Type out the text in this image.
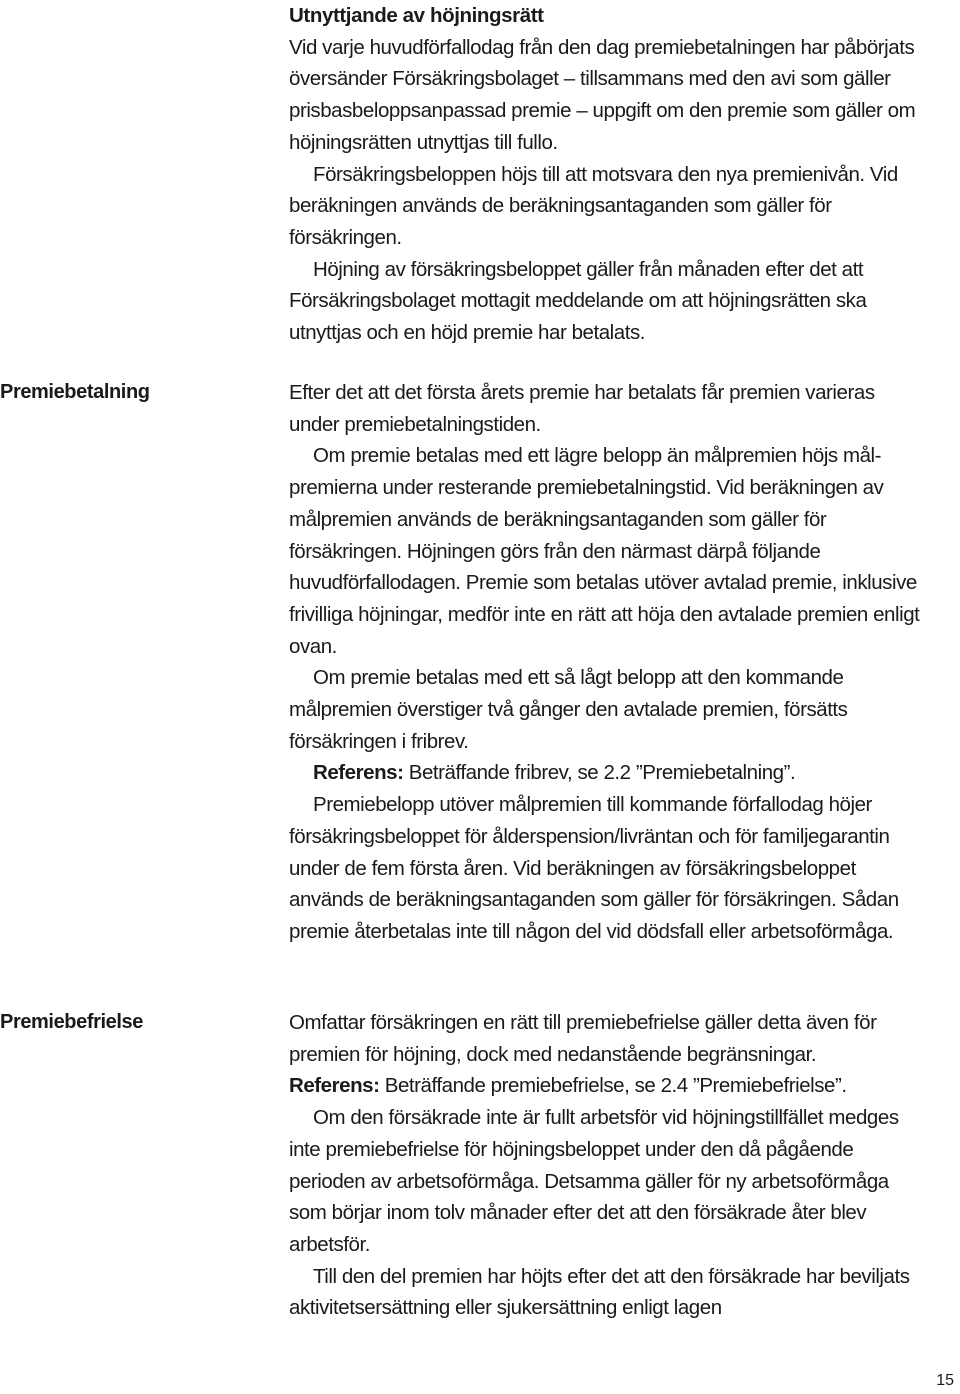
Utnyttjande av höjningsrätt

Vid varje huvudförfallodag från den dag premiebetalningen har påbörjats översänder Försäkringsbolaget – tillsammans med den avi som gäller prisbasbeloppsanpassad premie – uppgift om den premie som gäller om höjningsrätten utnyttjas till fullo.

Försäkringsbeloppen höjs till att motsvara den nya premienivån. Vid beräkningen används de beräkningsantaganden som gäller för försäkringen.

Höjning av försäkringsbeloppet gäller från månaden efter det att Försäkringsbolaget mottagit meddelande om att höjningsrätten ska utnyttjas och en höjd premie har betalats.

Premiebetalning	Efter det att det första årets premie har betalats får premien varieras under premiebetalningstiden.

Om premie betalas med ett lägre belopp än målpremien höjs målpremierna under resterande premiebetalningstid. Vid beräkningen av målpremien används de beräkningsantaganden som gäller för försäkringen. Höjningen görs från den närmast därpå följande huvudförfallodagen. Premie som betalas utöver avtalad premie, inklusive frivilliga höjningar, medför inte en rätt att höja den avtalade premien enligt ovan.

Om premie betalas med ett så lågt belopp att den kommande målpremien överstiger två gånger den avtalade premien, försätts försäkringen i fribrev.

Referens: Beträffande fribrev, se 2.2 ”Premiebetalning”.

Premiebelopp utöver målpremien till kommande förfallodag höjer försäkringsbeloppet för ålderspension/livräntan och för familjegarantin under de fem första åren. Vid beräkningen av försäkringsbeloppet används de beräkningsantaganden som gäller för försäkringen. Sådan premie återbetalas inte till någon del vid dödsfall eller arbetsoförmåga.

Premiebefrielse	Omfattar försäkringen en rätt till premiebefrielse gäller detta även för premien för höjning, dock med nedanstående begränsningar.

Referens: Beträffande premiebefrielse, se 2.4 ”Premiebefrielse”.

Om den försäkrade inte är fullt arbetsför vid höjningstillfället medges inte premiebefrielse för höjningsbeloppet under den då pågående perioden av arbetsoförmåga. Detsamma gäller för ny arbetsoförmåga som börjar inom tolv månader efter det att den försäkrade åter blev arbetsför.

Till den del premien har höjts efter det att den försäkrade har beviljats aktivitetsersättning eller sjukersättning enligt lagen

15
